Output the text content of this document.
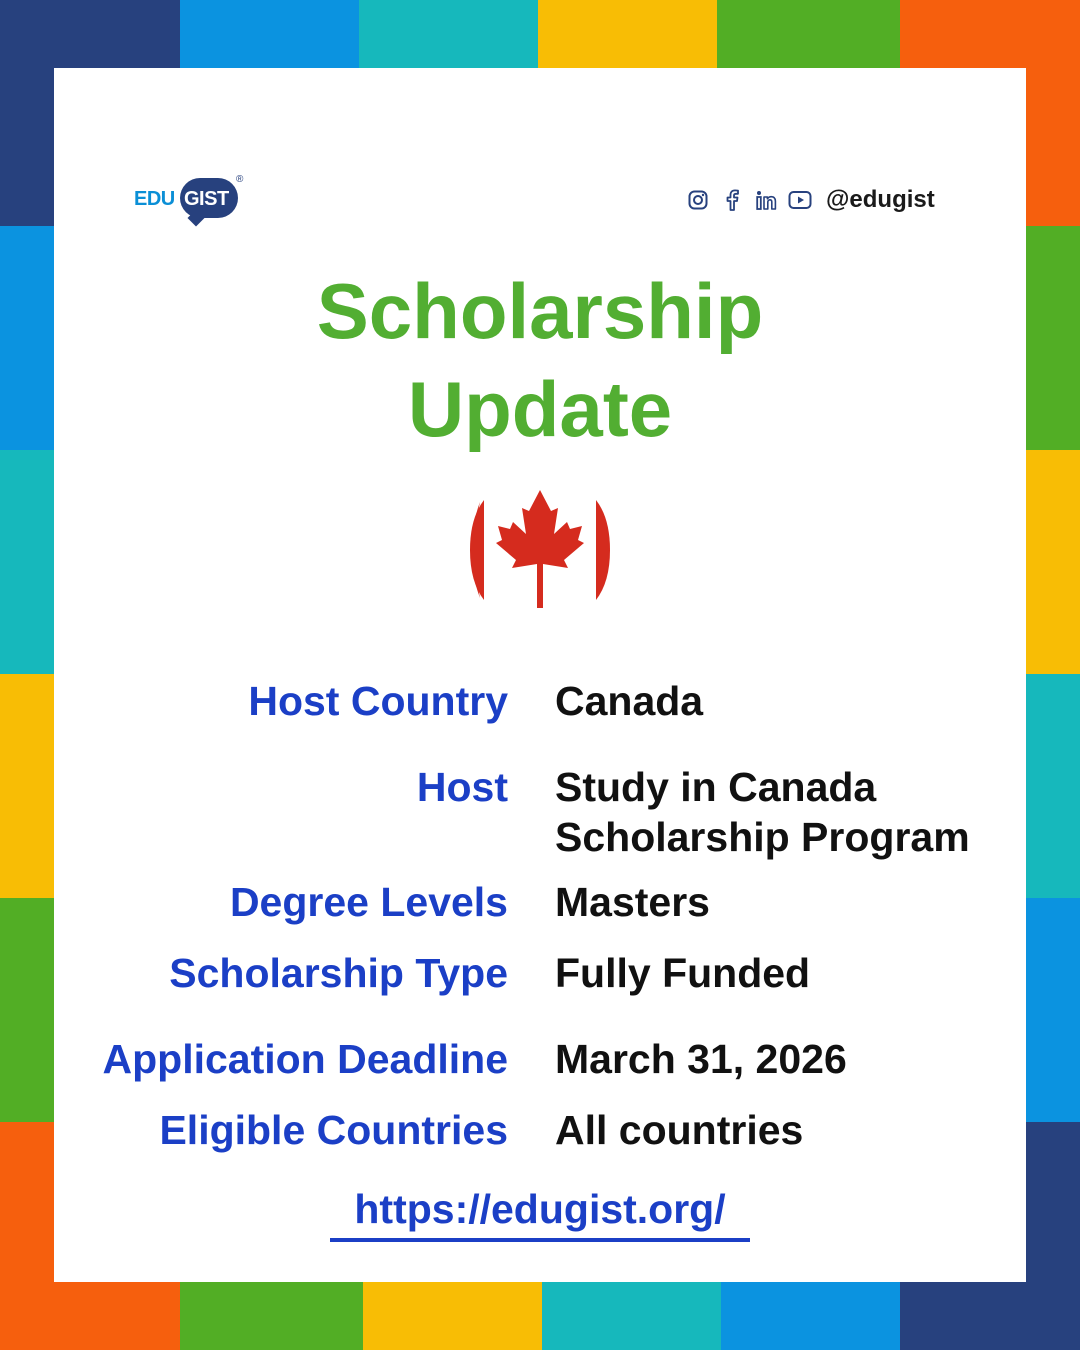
EDU GIST
®
@edugist
Scholarship
Update
Host Country Canada
Host Study in Canada
Scholarship Program
Degree Levels Masters
Scholarship Type Fully Funded
Application Deadline March 31, 2026
Eligible Countries All countries
https://edugist.org/
